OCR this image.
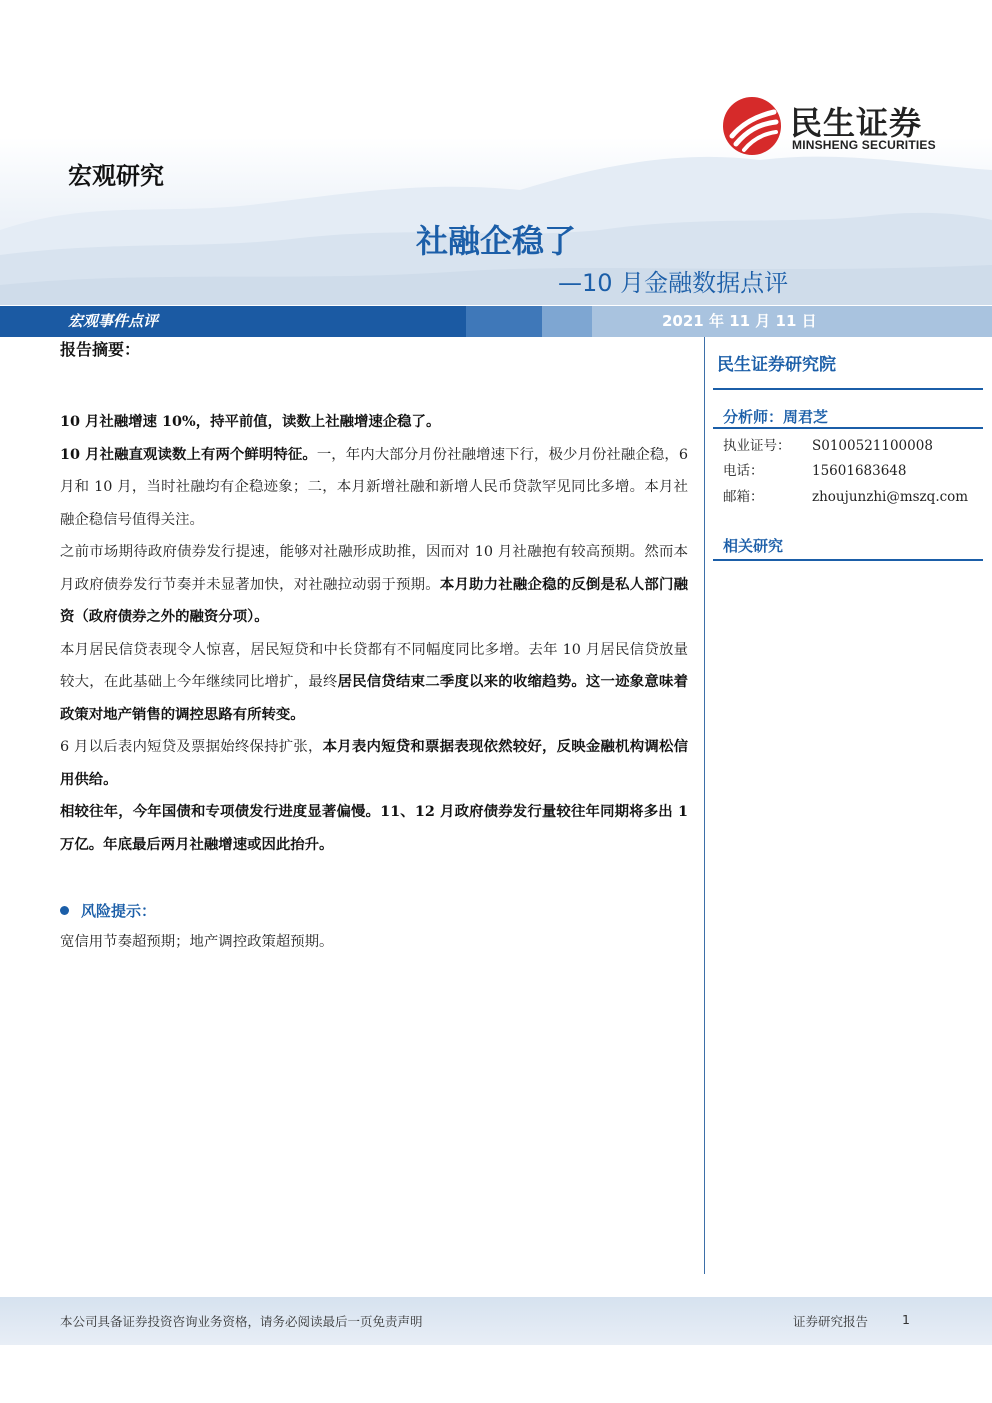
民生证券
MINSHENG SECURITIES
宏观研究
社融企稳了
—10 月金融数据点评
宏观事件点评	2021 年 11 月 11 日
报告摘要：

10 月社融增速 10%，持平前值，读数上社融增速企稳了。

10 月社融直观读数上有两个鲜明特征。一，年内大部分月份社融增速下行，极少月份社融企稳，6 月和 10 月，当时社融均有企稳迹象；二，本月新增社融和新增人民币贷款罕见同比多增。本月社融企稳信号值得关注。

之前市场期待政府债券发行提速，能够对社融形成助推，因而对 10 月社融抱有较高预期。然而本月政府债券发行节奏并未显著加快，对社融拉动弱于预期。本月助力社融企稳的反倒是私人部门融资（政府债券之外的融资分项）。

本月居民信贷表现令人惊喜，居民短贷和中长贷都有不同幅度同比多增。去年 10 月居民信贷放量较大，在此基础上今年继续同比增扩，最终居民信贷结束二季度以来的收缩趋势。这一迹象意味着政策对地产销售的调控思路有所转变。

6 月以后表内短贷及票据始终保持扩张，本月表内短贷和票据表现依然较好，反映金融机构调松信用供给。

相较往年，今年国债和专项债发行进度显著偏慢。11、12 月政府债券发行量较往年同期将多出 1 万亿。年底最后两月社融增速或因此抬升。

风险提示：
宽信用节奏超预期；地产调控政策超预期。
民生证券研究院
分析师：周君芝
执业证号： S0100521100008
电话：	15601683648
邮箱：	zhoujunzhi@mszq.com
相关研究
本公司具备证券投资咨询业务资格，请务必阅读最后一页免责声明	证券研究报告	1
